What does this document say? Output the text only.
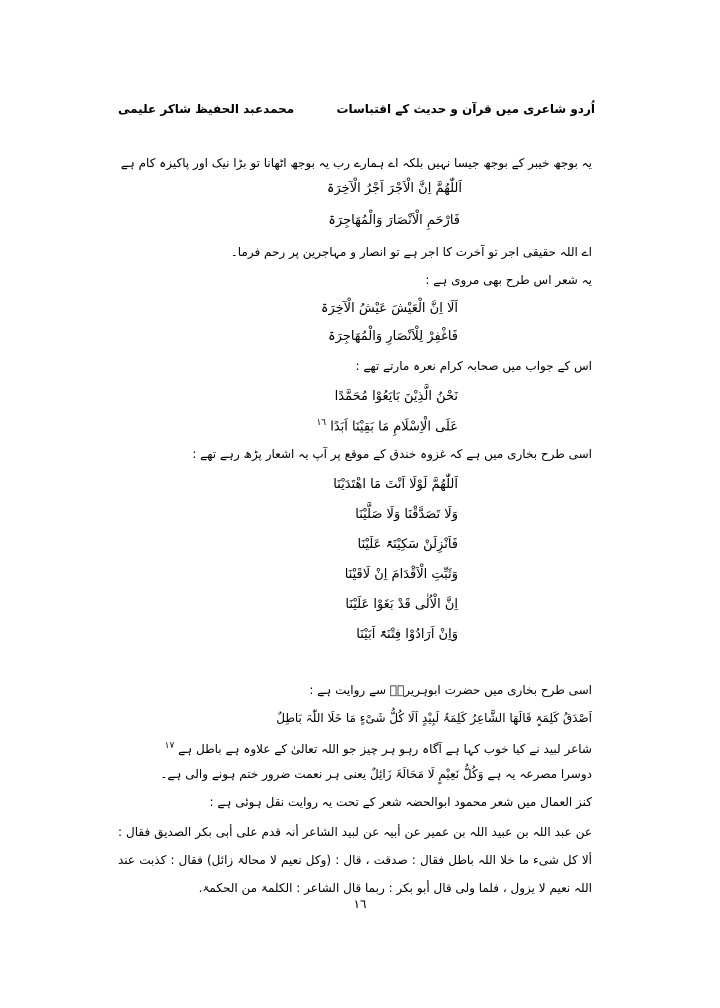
اُردو شاعری میں قرآن و حدیث کے اقتباسات
محمدعبد الحفیظ شاکر علیمی
یہ بوجھ خیبر کے بوجھ جیسا نہیں بلکہ اے ہمارے رب یہ بوجھ اٹھانا تو بڑا نیک اور پاکیزہ کام ہے
اَللّٰھُمَّ اِنَّ الْاَجْرَ اَجْرُ الْآخِرَۃ
فَارْحَمِ الْاَنْصَارَ وَالْمُھَاجِرَۃ
اے اللہ حقیقی اجر تو آخرت کا اجر ہے تو انصار و مہاجرین پر رحم فرما۔
یہ شعر اس طرح بھی مروی ہے :
اَلَا اِنَّ الْعَیْشَ عَیْشُ الْآخِرَۃ
فَاغْفِرْ لِلْاَنْصَارِ وَالْمُھَاجِرَۃ
اس کے جواب میں صحابہ کرام نعرہ مارتے تھے :
نَحْنُ الَّذِیْنَ بَایَعُوْا مُحَمَّدًا
عَلَی الْاِسْلَامِ مَا بَقِیْنَا اَبَدًا $^{١٦}$
اسی طرح بخاری میں ہے کہ غزوہ خندق کے موقع پر آپ یہ اشعار پڑھ رہے تھے :
اَللّٰھُمَّ لَوْلَا اَنْتَ مَا اھْتَدَیْنَا
وَلَا تَصَدَّقْنَا وَلَا صَلَّیْنَا
فَاَنْزِلَنْ سَکِیْنَۃً عَلَیْنَا
وَثَبِّتِ الْاَقْدَامَ اِنْ لَاقَیْنَا
اِنَّ الْاُلٰی قَدْ بَغَوْا عَلَیْنَا
وَاِنْ اَرَادُوْا فِتْنَۃً اَبَیْنَا
اسی طرح بخاری میں حضرت ابوہریرہؓ سے روایت ہے :
اَصْدَقُ کَلِمَۃٍ قَالَھَا الشَّاعِرُ کَلِمَۃُ لَبِیْدٍ اَلَا کُلُّ شَیْءٍ مَا خَلَا اللّٰہَ بَاطِلٌ
شاعر لبید نے کیا خوب کہا ہے آگاہ رہو ہر چیز جو اللہ تعالیٰ کے علاوہ ہے باطل ہے $^{١٧}$
دوسرا مصرعہ یہ ہے وَکُلُّ نَعِیْمٍ لَا مَحَالَۃَ زَائِلٌ یعنی ہر نعمت ضرور ختم ہونے والی ہے۔
کنز العمال میں شعر محمود ابوالحضہ شعر کے تحت یہ روایت نقل ہوئی ہے :
عن عبد اللہ بن عبید اللہ بن عمیر عن أبیہ عن لبید الشاعر أنہ قدم علی أبی بکر الصدیق فقال : ألا کل شیء ما خلا اللہ باطل فقال : صدقت ، قال : (وکل نعیم لا محالۃ زائل) فقال : کذبت عند اللہ نعیم لا یزول ، فلما ولی قال أبو بکر : ربما قال الشاعر : الکلمۃ من الحکمۃ.
١٦
